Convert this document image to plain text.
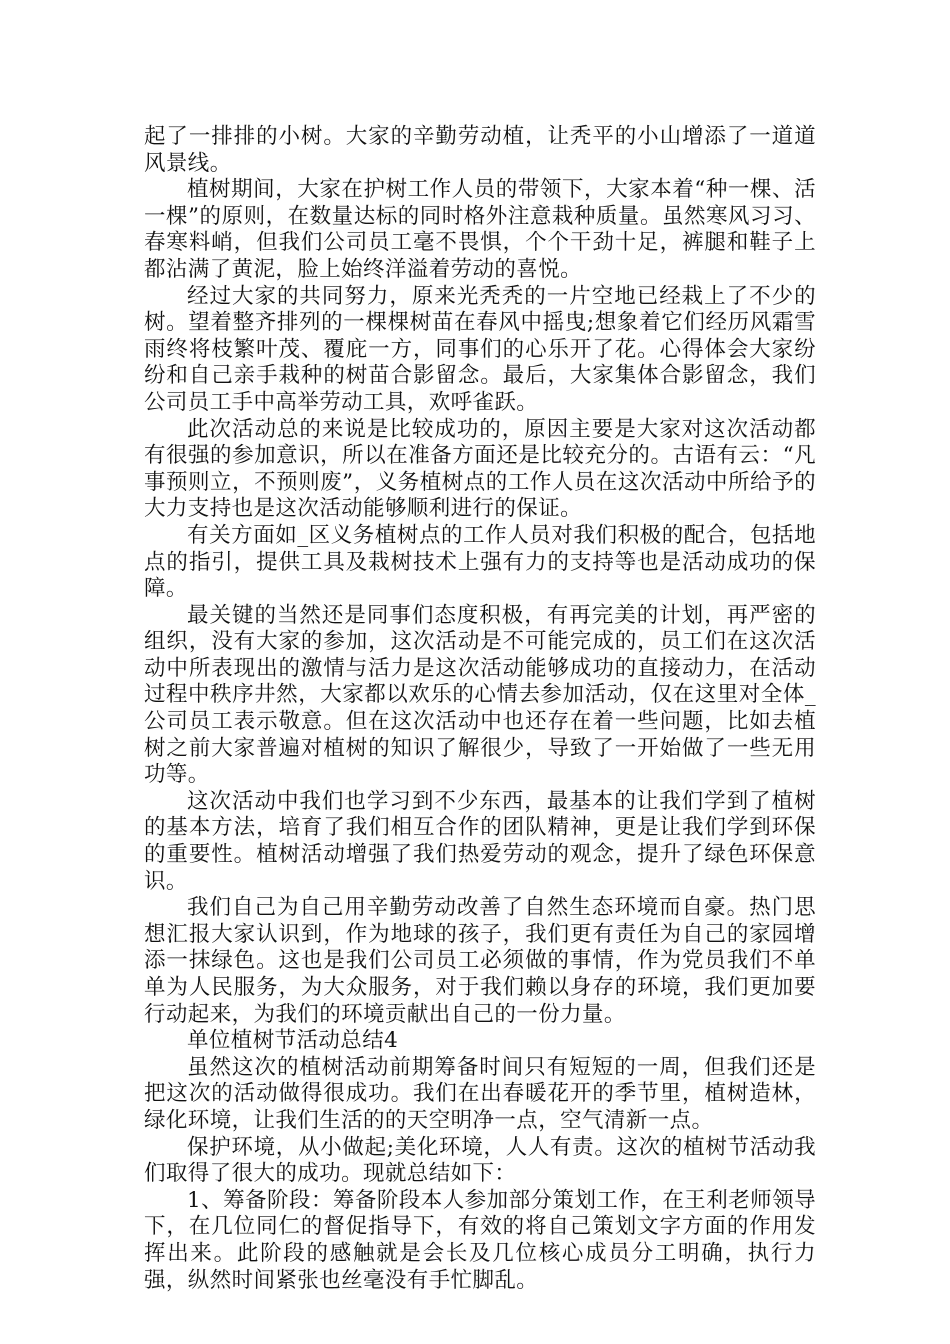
起了一排排的小树。大家的辛勤劳动植，让秃平的小山增添了一道道风景线。

植树期间，大家在护树工作人员的带领下，大家本着“种一棵、活一棵”的原则，在数量达标的同时格外注意栽种质量。虽然寒风习习、春寒料峭，但我们公司员工毫不畏惧，个个干劲十足，裤腿和鞋子上都沾满了黄泥，脸上始终洋溢着劳动的喜悦。

经过大家的共同努力，原来光秃秃的一片空地已经栽上了不少的树。望着整齐排列的一棵棵树苗在春风中摇曳;想象着它们经历风霜雪雨终将枝繁叶茂、覆庇一方，同事们的心乐开了花。心得体会大家纷纷和自己亲手栽种的树苗合影留念。最后，大家集体合影留念，我们公司员工手中高举劳动工具，欢呼雀跃。

此次活动总的来说是比较成功的，原因主要是大家对这次活动都有很强的参加意识，所以在准备方面还是比较充分的。古语有云：“凡事预则立，不预则废”，义务植树点的工作人员在这次活动中所给予的大力支持也是这次活动能够顺利进行的保证。

有关方面如_区义务植树点的工作人员对我们积极的配合，包括地点的指引，提供工具及栽树技术上强有力的支持等也是活动成功的保障。

最关键的当然还是同事们态度积极，有再完美的计划，再严密的组织，没有大家的参加，这次活动是不可能完成的，员工们在这次活动中所表现出的激情与活力是这次活动能够成功的直接动力，在活动过程中秩序井然，大家都以欢乐的心情去参加活动，仅在这里对全体_公司员工表示敬意。但在这次活动中也还存在着一些问题，比如去植树之前大家普遍对植树的知识了解很少，导致了一开始做了一些无用功等。

这次活动中我们也学习到不少东西，最基本的让我们学到了植树的基本方法，培育了我们相互合作的团队精神，更是让我们学到环保的重要性。植树活动增强了我们热爱劳动的观念，提升了绿色环保意识。

我们自己为自己用辛勤劳动改善了自然生态环境而自豪。热门思想汇报大家认识到，作为地球的孩子，我们更有责任为自己的家园增添一抹绿色。这也是我们公司员工必须做的事情，作为党员我们不单单为人民服务，为大众服务，对于我们赖以身存的环境，我们更加要行动起来，为我们的环境贡献出自己的一份力量。

单位植树节活动总结4

虽然这次的植树活动前期筹备时间只有短短的一周，但我们还是把这次的活动做得很成功。我们在出春暖花开的季节里，植树造林，绿化环境，让我们生活的的天空明净一点，空气清新一点。

保护环境，从小做起;美化环境，人人有责。这次的植树节活动我们取得了很大的成功。现就总结如下：

1、筹备阶段：筹备阶段本人参加部分策划工作，在王利老师领导下，在几位同仁的督促指导下，有效的将自己策划文字方面的作用发挥出来。此阶段的感触就是会长及几位核心成员分工明确，执行力强，纵然时间紧张也丝毫没有手忙脚乱。
